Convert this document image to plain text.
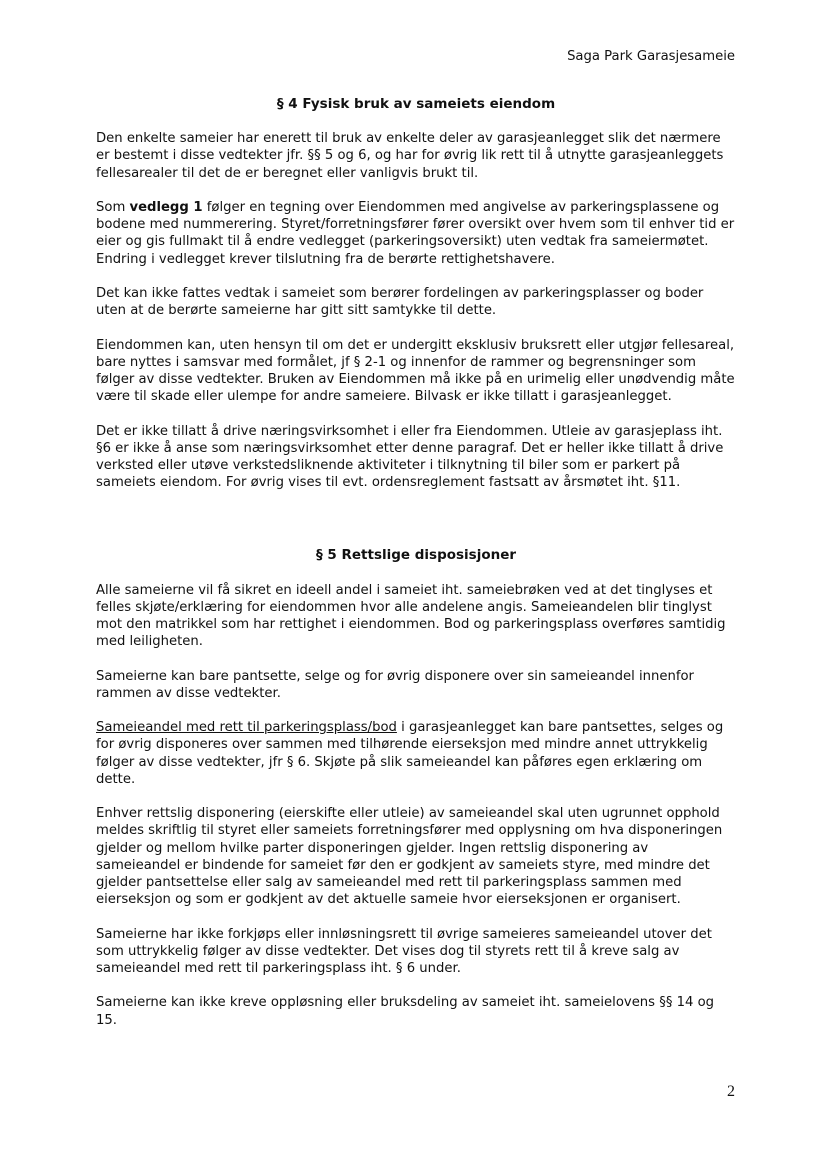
Saga Park Garasjesameie
§ 4 Fysisk bruk av sameiets eiendom

Den enkelte sameier har enerett til bruk av enkelte deler av garasjeanlegget slik det nærmere er bestemt i disse vedtekter jfr. §§ 5 og 6, og har for øvrig lik rett til å utnytte garasjeanleggets fellesarealer til det de er beregnet eller vanligvis brukt til.

Som vedlegg 1 følger en tegning over Eiendommen med angivelse av parkeringsplassene og bodene med nummerering. Styret/forretningsfører fører oversikt over hvem som til enhver tid er eier og gis fullmakt til å endre vedlegget (parkeringsoversikt) uten vedtak fra sameiermøtet. Endring i vedlegget krever tilslutning fra de berørte rettighetshavere.

Det kan ikke fattes vedtak i sameiet som berører fordelingen av parkeringsplasser og boder uten at de berørte sameierne har gitt sitt samtykke til dette.

Eiendommen kan, uten hensyn til om det er undergitt eksklusiv bruksrett eller utgjør fellesareal, bare nyttes i samsvar med formålet, jf § 2-1 og innenfor de rammer og begrensninger som følger av disse vedtekter. Bruken av Eiendommen må ikke på en urimelig eller unødvendig måte være til skade eller ulempe for andre sameiere. Bilvask er ikke tillatt i garasjeanlegget.

Det er ikke tillatt å drive næringsvirksomhet i eller fra Eiendommen. Utleie av garasjeplass iht. §6 er ikke å anse som næringsvirksomhet etter denne paragraf. Det er heller ikke tillatt å drive verksted eller utøve verkstedsliknende aktiviteter i tilknytning til biler som er parkert på sameiets eiendom. For øvrig vises til evt. ordensreglement fastsatt av årsmøtet iht. §11.

§ 5 Rettslige disposisjoner

Alle sameierne vil få sikret en ideell andel i sameiet iht. sameiebrøken ved at det tinglyses et felles skjøte/erklæring for eiendommen hvor alle andelene angis. Sameieandelen blir tinglyst mot den matrikkel som har rettighet i eiendommen. Bod og parkeringsplass overføres samtidig med leiligheten.

Sameierne kan bare pantsette, selge og for øvrig disponere over sin sameieandel innenfor rammen av disse vedtekter.

Sameieandel med rett til parkeringsplass/bod i garasjeanlegget kan bare pantsettes, selges og for øvrig disponeres over sammen med tilhørende eierseksjon med mindre annet uttrykkelig følger av disse vedtekter, jfr § 6. Skjøte på slik sameieandel kan påføres egen erklæring om dette.

Enhver rettslig disponering (eierskifte eller utleie) av sameieandel skal uten ugrunnet opphold meldes skriftlig til styret eller sameiets forretningsfører med opplysning om hva disponeringen gjelder og mellom hvilke parter disponeringen gjelder. Ingen rettslig disponering av sameieandel er bindende for sameiet før den er godkjent av sameiets styre, med mindre det gjelder pantsettelse eller salg av sameieandel med rett til parkeringsplass sammen med eierseksjon og som er godkjent av det aktuelle sameie hvor eierseksjonen er organisert.

Sameierne har ikke forkjøps eller innløsningsrett til øvrige sameieres sameieandel utover det som uttrykkelig følger av disse vedtekter. Det vises dog til styrets rett til å kreve salg av sameieandel med rett til parkeringsplass iht. § 6 under.

Sameierne kan ikke kreve oppløsning eller bruksdeling av sameiet iht. sameielovens §§ 14 og 15.

2
